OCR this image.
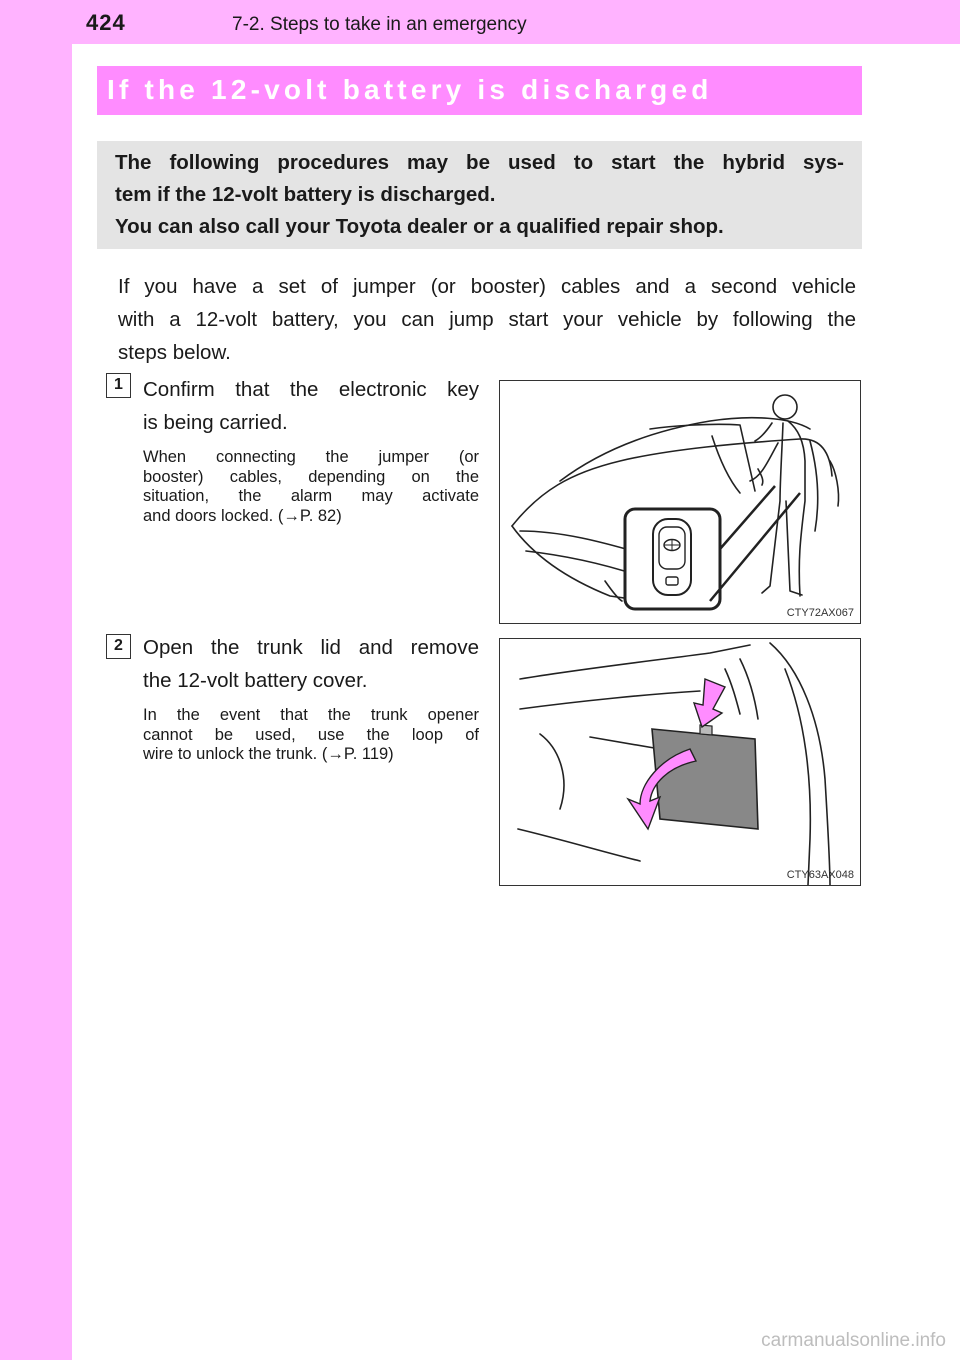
424	7-2. Steps to take in an emergency
If the 12-volt battery is discharged
The following procedures may be used to start the hybrid sys-
tem if the 12-volt battery is discharged.
You can also call your Toyota dealer or a qualified repair shop.
If you have a set of jumper (or booster) cables and a second vehicle
with a 12-volt battery, you can jump start your vehicle by following the
steps below.
1 Confirm that the electronic key
is being carried.
When connecting the jumper (or
booster) cables, depending on the
situation, the alarm may activate
and doors locked. (→P. 82)
CTY72AX067
2 Open the trunk lid and remove
the 12-volt battery cover.
In the event that the trunk opener
cannot be used, use the loop of
wire to unlock the trunk. (→P. 119)
CTY63AX048
carmanualsonline.info
